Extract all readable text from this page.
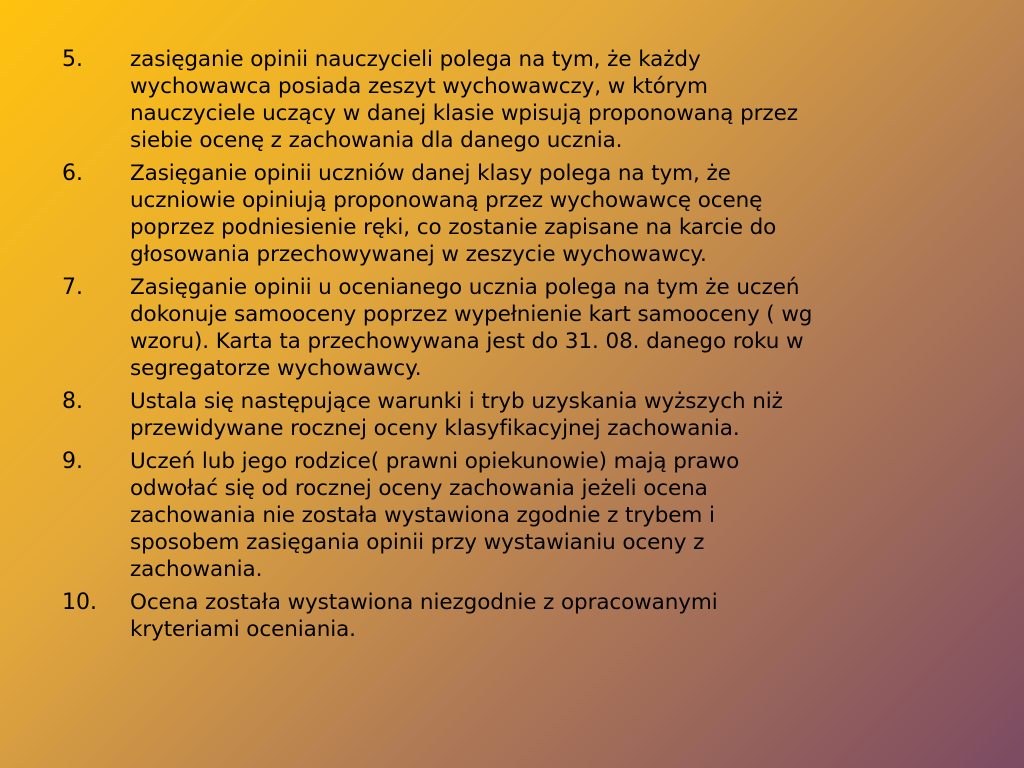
5.	zasięganie opinii nauczycieli polega na tym, że każdy
wychowawca posiada zeszyt wychowawczy, w którym
nauczyciele uczący w danej klasie wpisują proponowaną przez
siebie ocenę z zachowania dla danego ucznia.
6.	Zasięganie opinii uczniów danej klasy polega na tym, że
uczniowie opiniują proponowaną przez wychowawcę ocenę
poprzez podniesienie ręki, co zostanie zapisane na karcie do
głosowania przechowywanej w zeszycie wychowawcy.
7.	Zasięganie opinii u ocenianego ucznia polega na tym że uczeń
dokonuje samooceny poprzez wypełnienie kart samooceny ( wg
wzoru). Karta ta przechowywana jest do 31. 08. danego roku w
segregatorze wychowawcy.
8.	Ustala się następujące warunki i tryb uzyskania wyższych niż
przewidywane rocznej oceny klasyfikacyjnej zachowania.
9.	Uczeń lub jego rodzice( prawni opiekunowie) mają prawo
odwołać się od rocznej oceny zachowania jeżeli ocena
zachowania nie została wystawiona zgodnie z trybem i
sposobem zasięgania opinii przy wystawianiu oceny z
zachowania.
10.	Ocena została wystawiona niezgodnie z opracowanymi
kryteriami oceniania.
